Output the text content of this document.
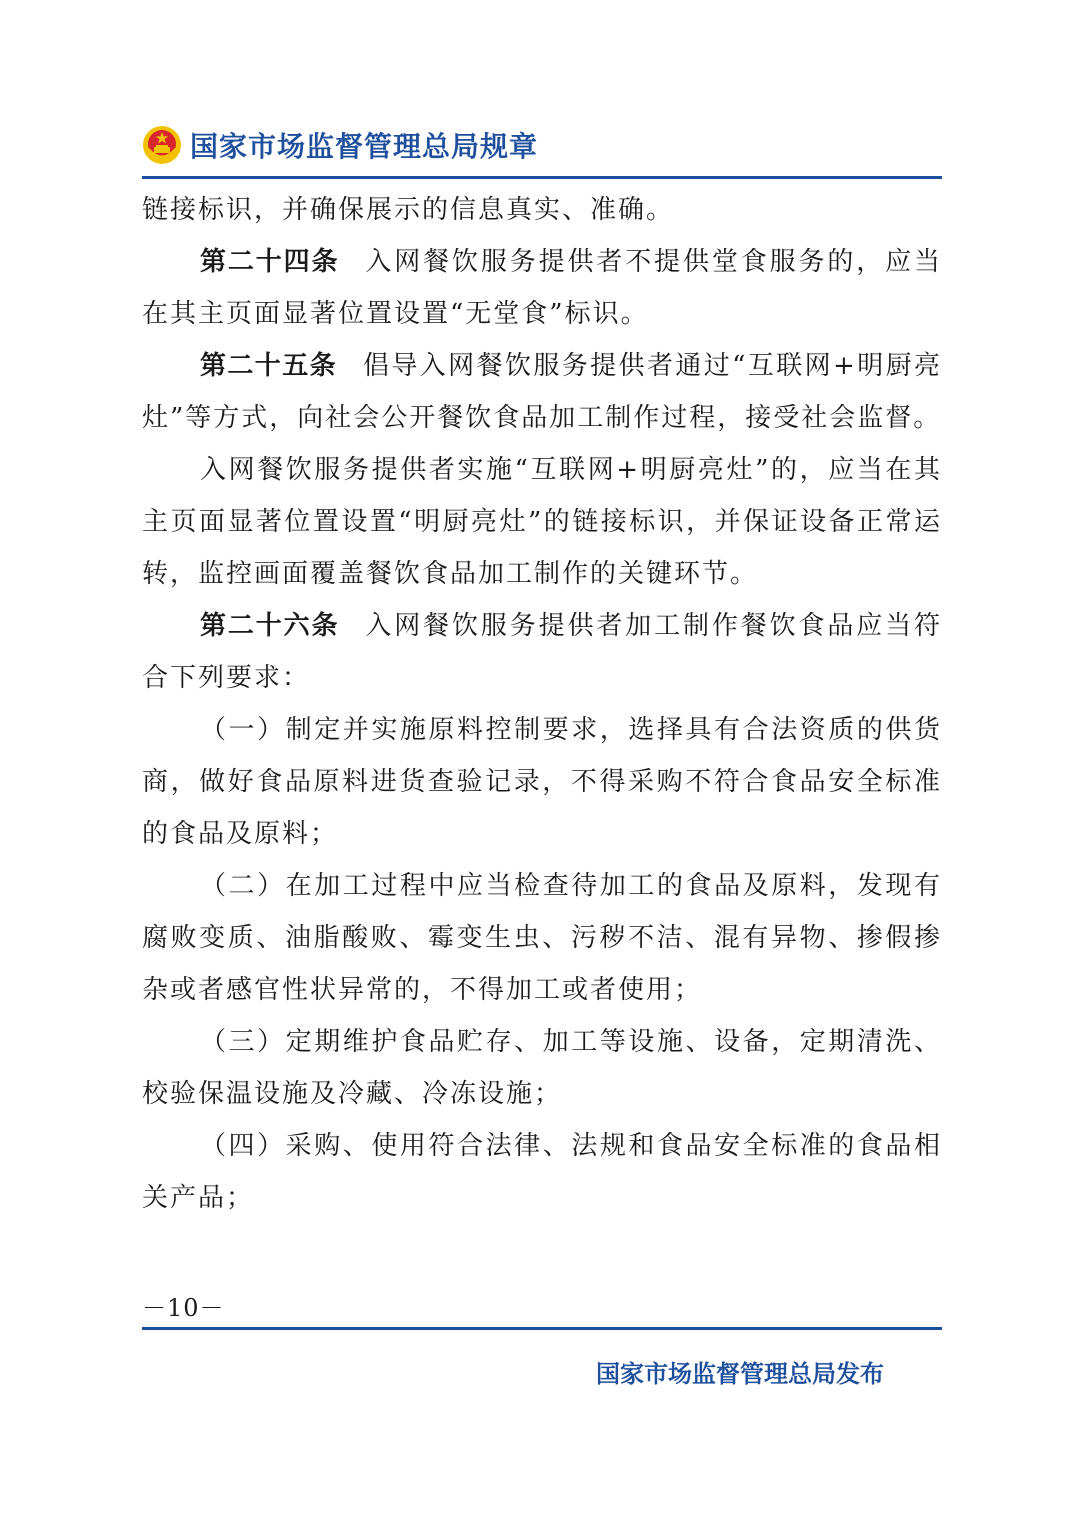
国家市场监督管理总局规章

链接标识，并确保展示的信息真实、准确。

第二十四条 入网餐饮服务提供者不提供堂食服务的，应当在其主页面显著位置设置“无堂食”标识。

第二十五条 倡导入网餐饮服务提供者通过“互联网+明厨亮灶”等方式，向社会公开餐饮食品加工制作过程，接受社会监督。

入网餐饮服务提供者实施“互联网+明厨亮灶”的，应当在其主页面显著位置设置“明厨亮灶”的链接标识，并保证设备正常运转，监控画面覆盖餐饮食品加工制作的关键环节。

第二十六条 入网餐饮服务提供者加工制作餐饮食品应当符合下列要求：

（一）制定并实施原料控制要求，选择具有合法资质的供货商，做好食品原料进货查验记录，不得采购不符合食品安全标准的食品及原料；

（二）在加工过程中应当检查待加工的食品及原料，发现有腐败变质、油脂酸败、霉变生虫、污秽不洁、混有异物、掺假掺杂或者感官性状异常的，不得加工或者使用；

（三）定期维护食品贮存、加工等设施、设备，定期清洗、校验保温设施及冷藏、冷冻设施；

（四）采购、使用符合法律、法规和食品安全标准的食品相关产品；

－10－
国家市场监督管理总局发布
